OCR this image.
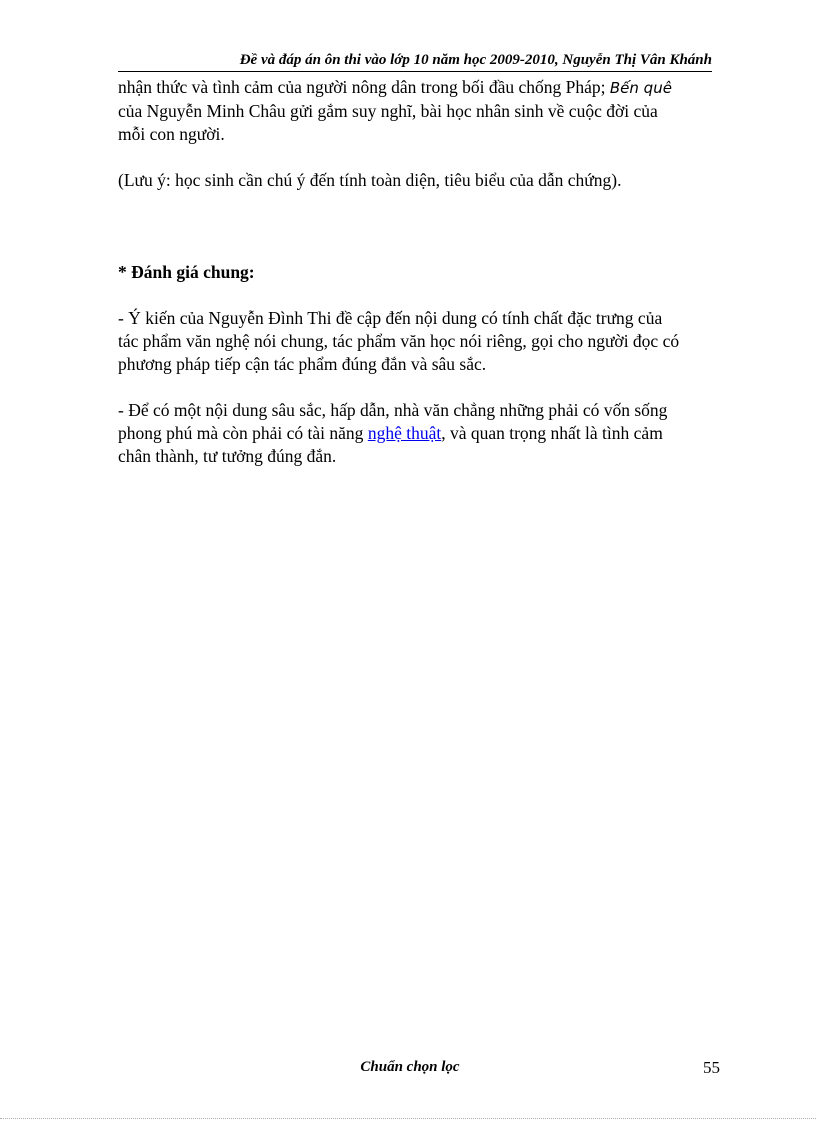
Đề và đáp án ôn thi vào lớp 10 năm học 2009-2010, Nguyễn Thị Vân Khánh

nhận thức và tình cảm của người nông dân trong bối đầu chống Pháp; Bến quê

của Nguyễn Minh Châu gửi gắm suy nghĩ, bài học nhân sinh về cuộc đời của

mỗi con người.

(Lưu ý: học sinh cần chú ý đến tính toàn diện, tiêu biểu của dẫn chứng).

* Đánh giá chung:

- Ý kiến của Nguyễn Đình Thi đề cập đến nội dung có tính chất đặc trưng của

tác phẩm văn nghệ nói chung, tác phẩm văn học nói riêng, gọi cho người đọc có

phương pháp tiếp cận tác phẩm đúng đắn và sâu sắc.

- Để có một nội dung sâu sắc, hấp dẫn, nhà văn chẳng những phải có vốn sống

phong phú mà còn phải có tài năng nghệ thuật, và quan trọng nhất là tình cảm

chân thành, tư tưởng đúng đắn.

Chuẩn chọn lọc	55
